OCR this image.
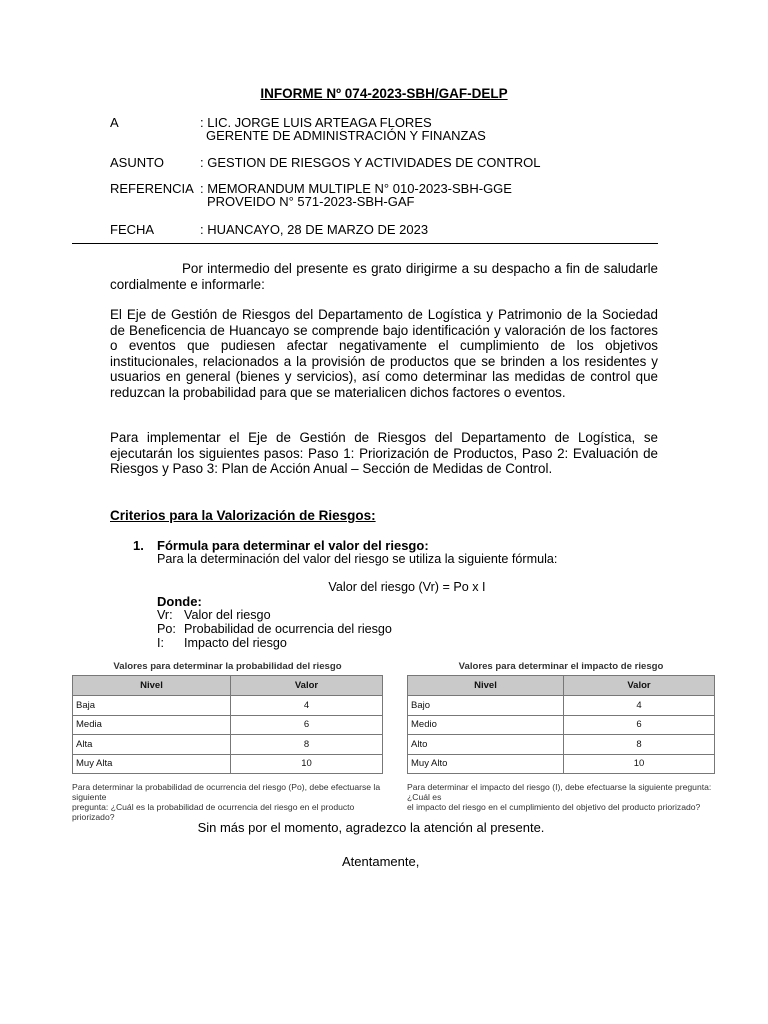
INFORME Nº 074-2023-SBH/GAF-DELP
A	: LIC. JORGE LUIS ARTEAGA FLORES
GERENTE DE ADMINISTRACIÓN Y FINANZAS
ASUNTO	: GESTION DE RIESGOS Y ACTIVIDADES DE CONTROL
REFERENCIA : MEMORANDUM MULTIPLE N° 010-2023-SBH-GGE
PROVEIDO N° 571-2023-SBH-GAF
FECHA	: HUANCAYO, 28 DE MARZO DE 2023

Por intermedio del presente es grato dirigirme a su despacho a fin de saludarle cordialmente e informarle:

El Eje de Gestión de Riesgos del Departamento de Logística y Patrimonio de la Sociedad de Beneficencia de Huancayo se comprende bajo identificación y valoración de los factores o eventos que pudiesen afectar negativamente el cumplimiento de los objetivos institucionales, relacionados a la provisión de productos que se brinden a los residentes y usuarios en general (bienes y servicios), así como determinar las medidas de control que reduzcan la probabilidad para que se materialicen dichos factores o eventos.

Para implementar el Eje de Gestión de Riesgos del Departamento de Logística, se ejecutarán los siguientes pasos: Paso 1: Priorización de Productos, Paso 2: Evaluación de Riesgos y Paso 3: Plan de Acción Anual – Sección de Medidas de Control.

Criterios para la Valorización de Riesgos:
1. Fórmula para determinar el valor del riesgo:
Para la determinación del valor del riesgo se utiliza la siguiente fórmula:
Valor del riesgo (Vr) = Po x I
Donde:
Vr: Valor del riesgo
Po: Probabilidad de ocurrencia del riesgo
I: Impacto del riesgo
Valores para determinar la probabilidad del riesgo
Nivel	Valor
Baja	4
Media	6
Alta	8
Muy Alta	10
Para determinar la probabilidad de ocurrencia del riesgo (Po), debe efectuarse la siguiente
pregunta: ¿Cuál es la probabilidad de ocurrencia del riesgo en el producto priorizado?
Valores para determinar el impacto de riesgo
Nivel	Valor
Bajo	4
Medio	6
Alto	8
Muy Alto	10
Para determinar el impacto del riesgo (I), debe efectuarse la siguiente pregunta: ¿Cuál es
el impacto del riesgo en el cumplimiento del objetivo del producto priorizado?
Sin más por el momento, agradezco la atención al presente.
Atentamente,
